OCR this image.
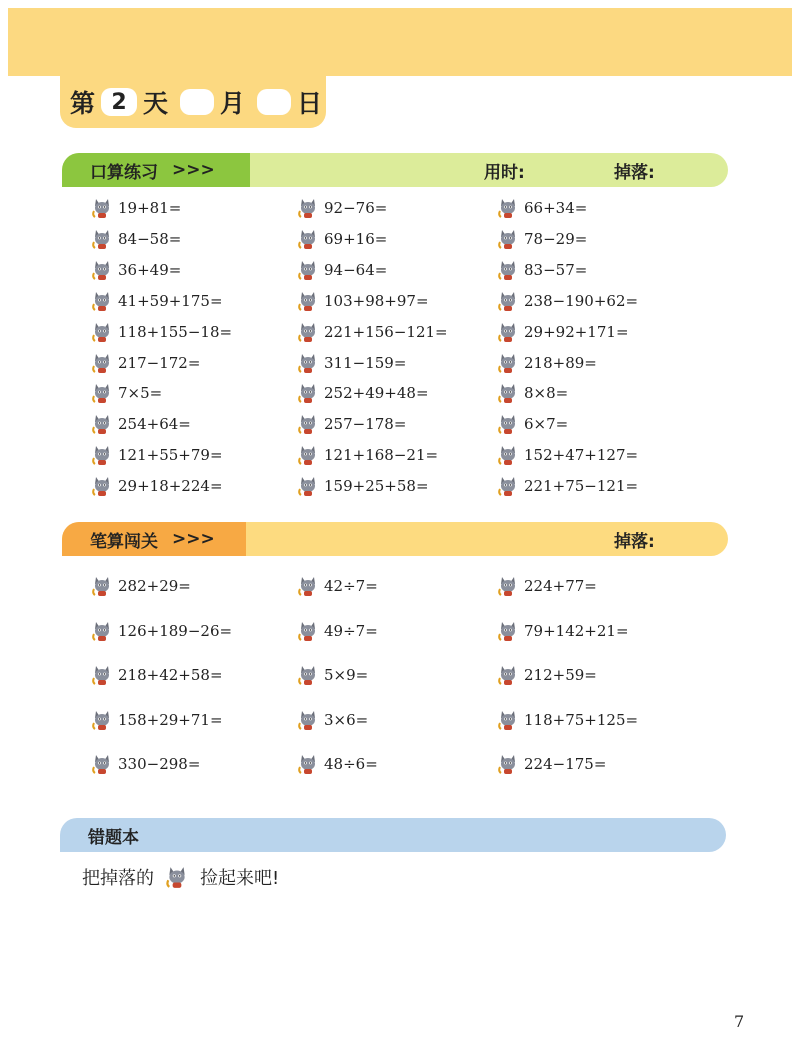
第 2 天 月 日
口算练习 >>>	用时:	掉落:
笔算闯关 >>>	掉落:
错题本
19+81=
84−58=
36+49=
41+59+175=
118+155−18=
217−172=
7×5=
254+64=
121+55+79=
29+18+224=
92−76=
69+16=
94−64=
103+98+97=
221+156−121=
311−159=
252+49+48=
257−178=
121+168−21=
159+25+58=
66+34=
78−29=
83−57=
238−190+62=
29+92+171=
218+89=
8×8=
6×7=
152+47+127=
221+75−121=
282+29=
126+189−26=
218+42+58=
158+29+71=
330−298=
42÷7=
49÷7=
5×9=
3×6=
48÷6=
224+77=
79+142+21=
212+59=
118+75+125=
224−175=
把掉落的	捡起来吧!
7
